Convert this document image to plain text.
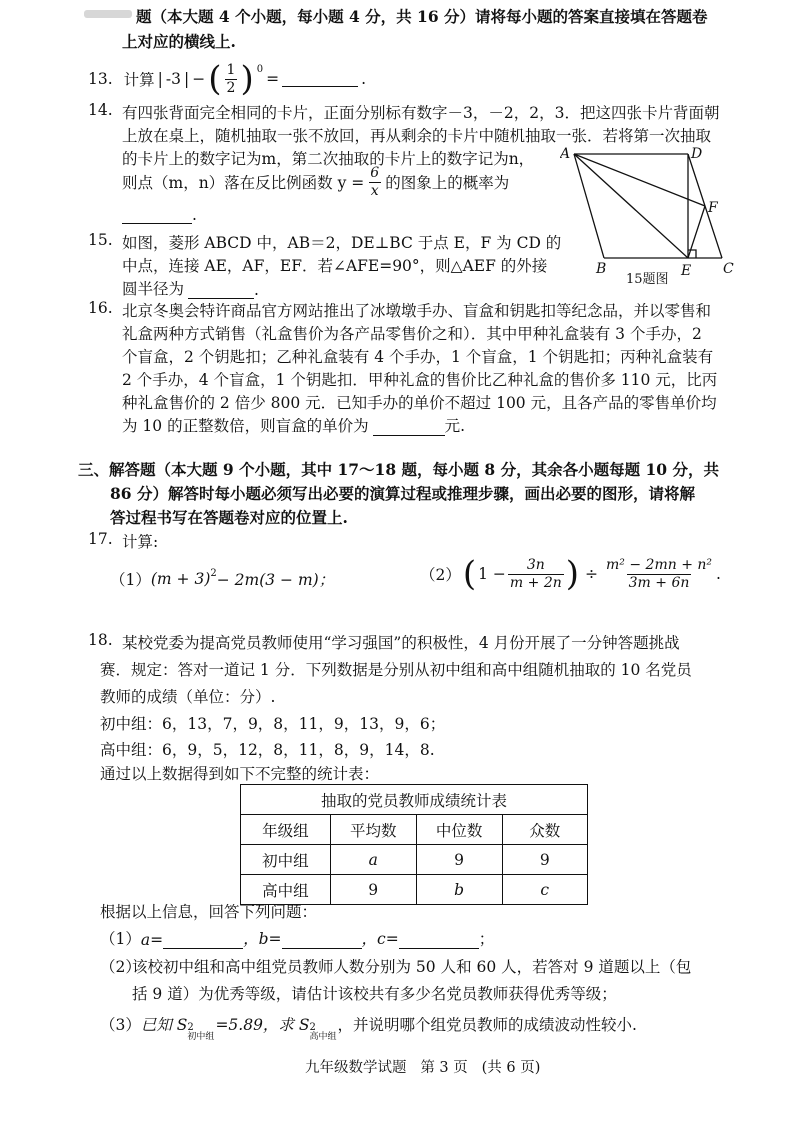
题（本大题 4 个小题，每小题 4 分，共 16 分）请将每小题的答案直接填在答题卷
上对应的横线上.
13. 计算 | -3 | − ( $\frac{1}{2}$ ) $^0$
=	.
14. 有四张背面完全相同的卡片，正面分别标有数字－3，－2，2，3．把这四张卡片背面朝
上放在桌上，随机抽取一张不放回，再从剩余的卡片中随机抽取一张．若将第一次抽取
的卡片上的数字记为m，第二次抽取的卡片上的数字记为n，
则点（m，n）落在反比例函数 $y = \frac{6}{x}$ 的图象上的概率为
.
A	D
F
B	E C
15题图
15. 如图，菱形 ABCD 中，AB＝2，DE⊥BC 于点 E，F 为 CD 的
中点，连接 AE，AF，EF．若∠AFE=90°，则△AEF 的外接
圆半径为	.
16. 北京冬奥会特许商品官方网站推出了冰墩墩手办、盲盒和钥匙扣等纪念品，并以零售和
礼盒两种方式销售（礼盒售价为各产品零售价之和）．其中甲种礼盒装有 3 个手办，2
个盲盒，2 个钥匙扣；乙种礼盒装有 4 个手办，1 个盲盒，1 个钥匙扣；丙种礼盒装有
2 个手办，4 个盲盒，1 个钥匙扣．甲种礼盒的售价比乙种礼盒的售价多 110 元，比丙
种礼盒售价的 2 倍少 800 元．已知手办的单价不超过 100 元，且各产品的零售单价均
为 10 的正整数倍，则盲盒的单价为	元.
三、解答题（本大题 9 个小题，其中 17～18 题，每小题 8 分，其余各小题每题 10 分，共
86 分）解答时每小题必须写出必要的演算过程或推理步骤，画出必要的图形，请将解
答过程书写在答题卷对应的位置上.
17. 计算:
（1） $(m + 3)^2 - 2m(3 - m)$；	（2） ( $1 - \frac{3n}{m + 2n}$ ) ÷ $\frac{\text{m² − 2mn + n²}}{3m + 6n}$ .
18. 某校党委为提高党员教师使用“学习强国”的积极性，4 月份开展了一分钟答题挑战
赛．规定：答对一道记 1 分．下列数据是分别从初中组和高中组随机抽取的 10 名党员
教师的成绩（单位：分）.
初中组：6，13，7，9，8，11，9，13，9，6；
高中组：6，9，5，12，8，11，8，9，14，8.
通过以上数据得到如下不完整的统计表：
抽取的党员教师成绩统计表			
年级组	平均数	中位数	众数
初中组	a	9	9
高中组	9	b	c
根据以上信息，回答下列问题：
（1） a=	，b=	，c=	；
（2）
该校初中组和高中组党员教师人数分别为 50 人和 60 人，若答对 9 道题以上（包
括 9 道）为优秀等级，请估计该校共有多少名党员教师获得优秀等级；
（3） 已知 S 2
初中组
=5.89，求 S 2
高中组
，并说明哪个组党员教师的成绩波动性较小.
九年级数学试题   第 3 页   (共 6 页)
